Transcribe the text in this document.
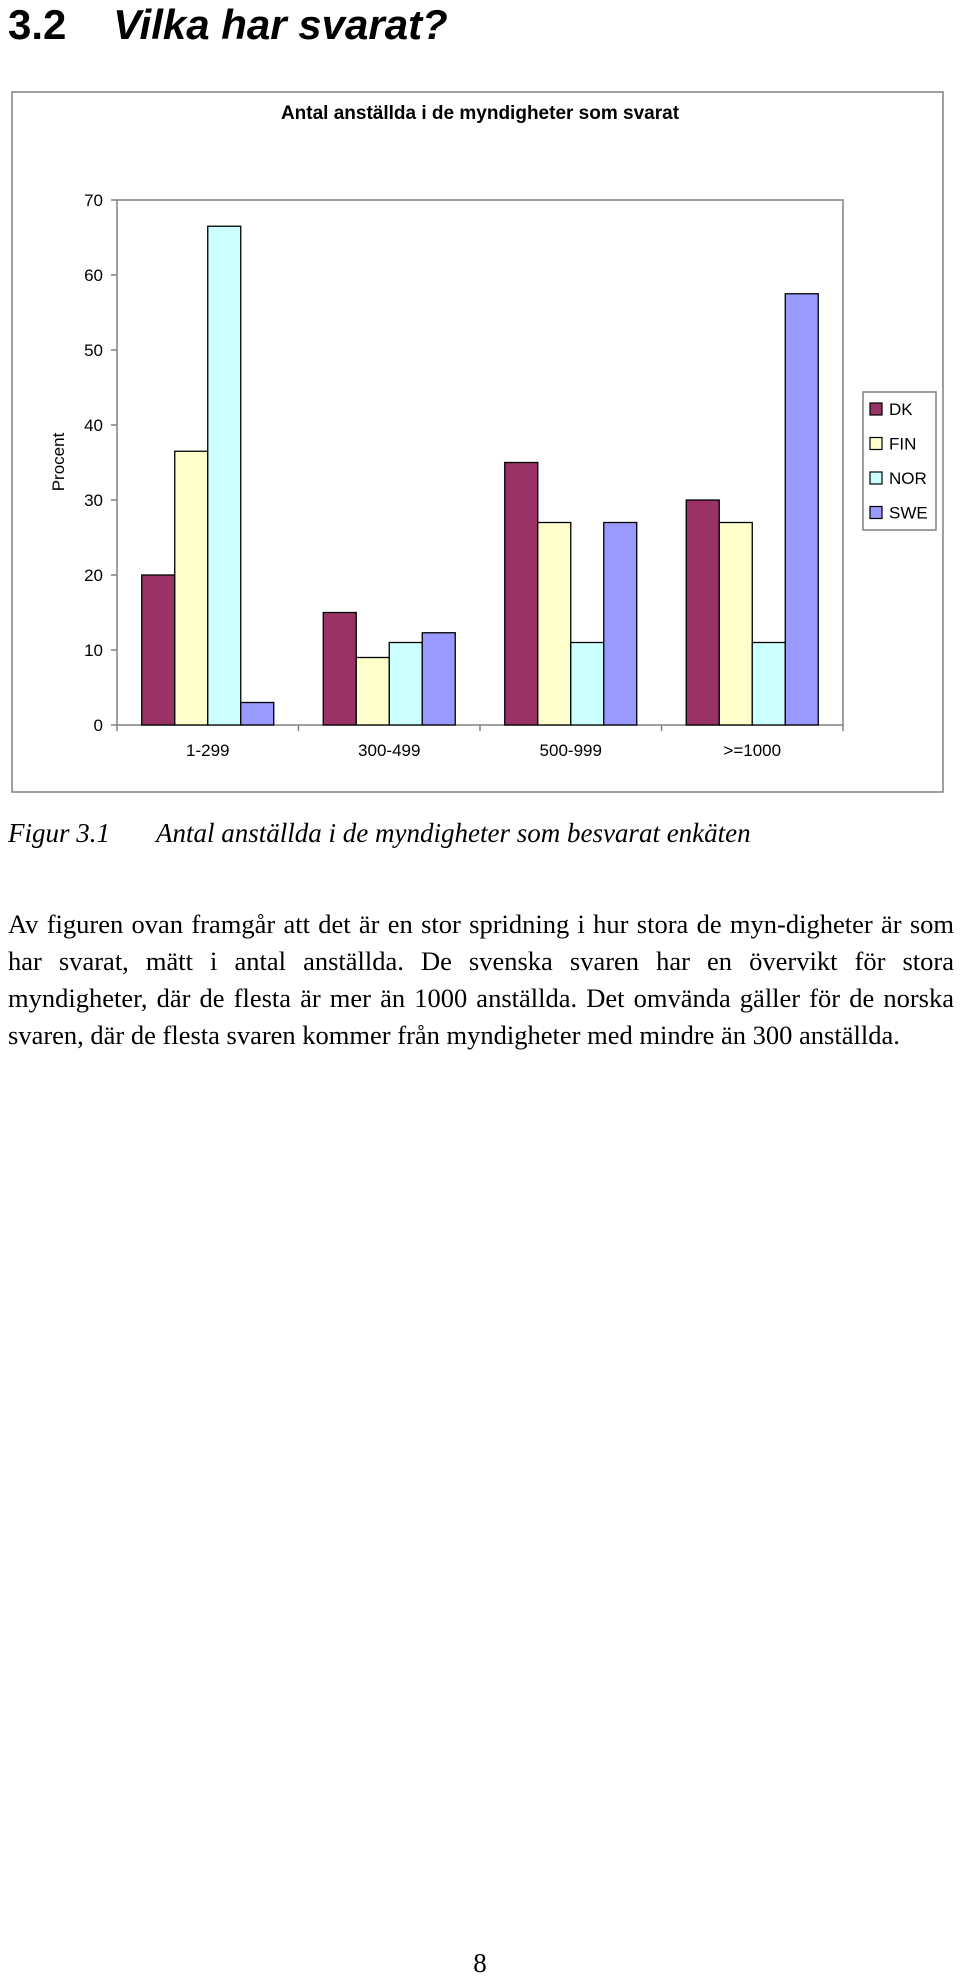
3.2 Vilka har svarat?
Antal anställda i de myndigheter som svarat
Procent
0
10
20
30
40
50
60
70
1-299	300-499	500-999	>=1000
DK
FIN
NOR
SWE
Figur 3.1 Antal anställda i de myndigheter som besvarat enkäten

Av figuren ovan framgår att det är en stor spridning i hur stora de myn-digheter är som har svarat, mätt i antal anställda. De svenska svaren har en övervikt för stora myndigheter, där de flesta är mer än 1000 anställda. Det omvända gäller för de norska svaren, där de flesta svaren kommer från myndigheter med mindre än 300 anställda.

8
